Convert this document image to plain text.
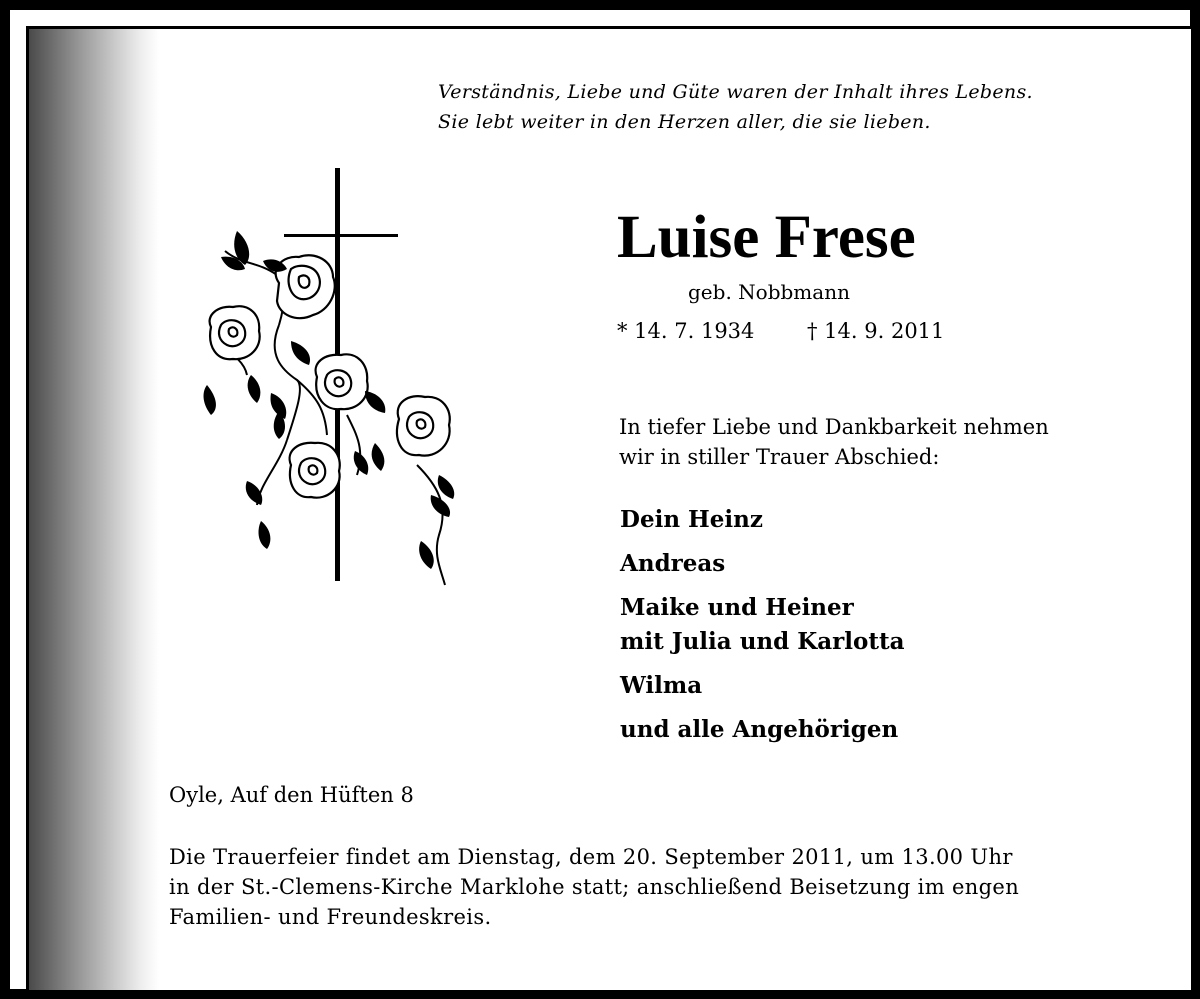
Verständnis, Liebe und Güte waren der Inhalt ihres Lebens.
Sie lebt weiter in den Herzen aller, die sie lieben.
Luise Frese
geb. Nobbmann
* 14. 7. 1934	† 14. 9. 2011
In tiefer Liebe und Dankbarkeit nehmen
wir in stiller Trauer Abschied:
Dein Heinz
Andreas
Maike und Heiner
mit Julia und Karlotta
Wilma
und alle Angehörigen
Oyle, Auf den Hüften 8
Die Trauerfeier findet am Dienstag, dem 20. September 2011, um 13.00 Uhr
in der St.-Clemens-Kirche Marklohe statt; anschließend Beisetzung im engen
Familien- und Freundeskreis.
